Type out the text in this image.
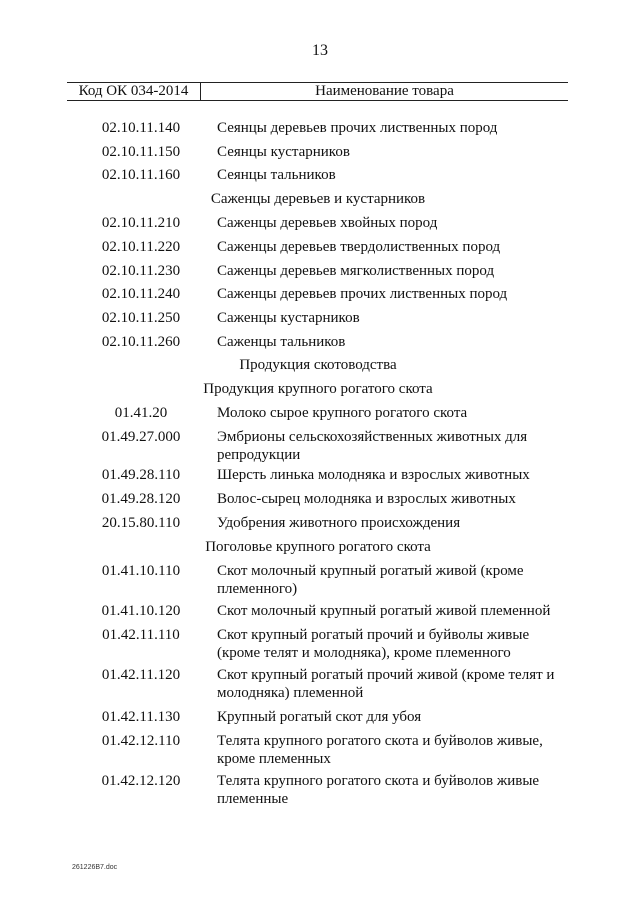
13
Код ОК 034-2014	Наименование товара
02.10.11.140	Сеянцы деревьев прочих лиственных пород
02.10.11.150	Сеянцы кустарников
02.10.11.160	Сеянцы тальников
Саженцы деревьев и кустарников
02.10.11.210	Саженцы деревьев хвойных пород
02.10.11.220	Саженцы деревьев твердолиственных пород
02.10.11.230	Саженцы деревьев мягколиственных пород
02.10.11.240	Саженцы деревьев прочих лиственных пород
02.10.11.250	Саженцы кустарников
02.10.11.260	Саженцы тальников
Продукция скотоводства
Продукция крупного рогатого скота
01.41.20	Молоко сырое крупного рогатого скота
01.49.27.000	Эмбрионы сельскохозяйственных животных для репродукции
01.49.28.110	Шерсть линька молодняка и взрослых животных
01.49.28.120	Волос-сырец молодняка и взрослых животных
20.15.80.110	Удобрения животного происхождения
Поголовье крупного рогатого скота
01.41.10.110	Скот молочный крупный рогатый живой (кроме племенного)
01.41.10.120	Скот молочный крупный рогатый живой племенной
01.42.11.110	Скот крупный рогатый прочий и буйволы живые (кроме телят и молодняка), кроме племенного
01.42.11.120	Скот крупный рогатый прочий живой (кроме телят и молодняка) племенной
01.42.11.130	Крупный рогатый скот для убоя
01.42.12.110	Телята крупного рогатого скота и буйволов живые, кроме племенных
01.42.12.120	Телята крупного рогатого скота и буйволов живые племенные
261226B7.doc
